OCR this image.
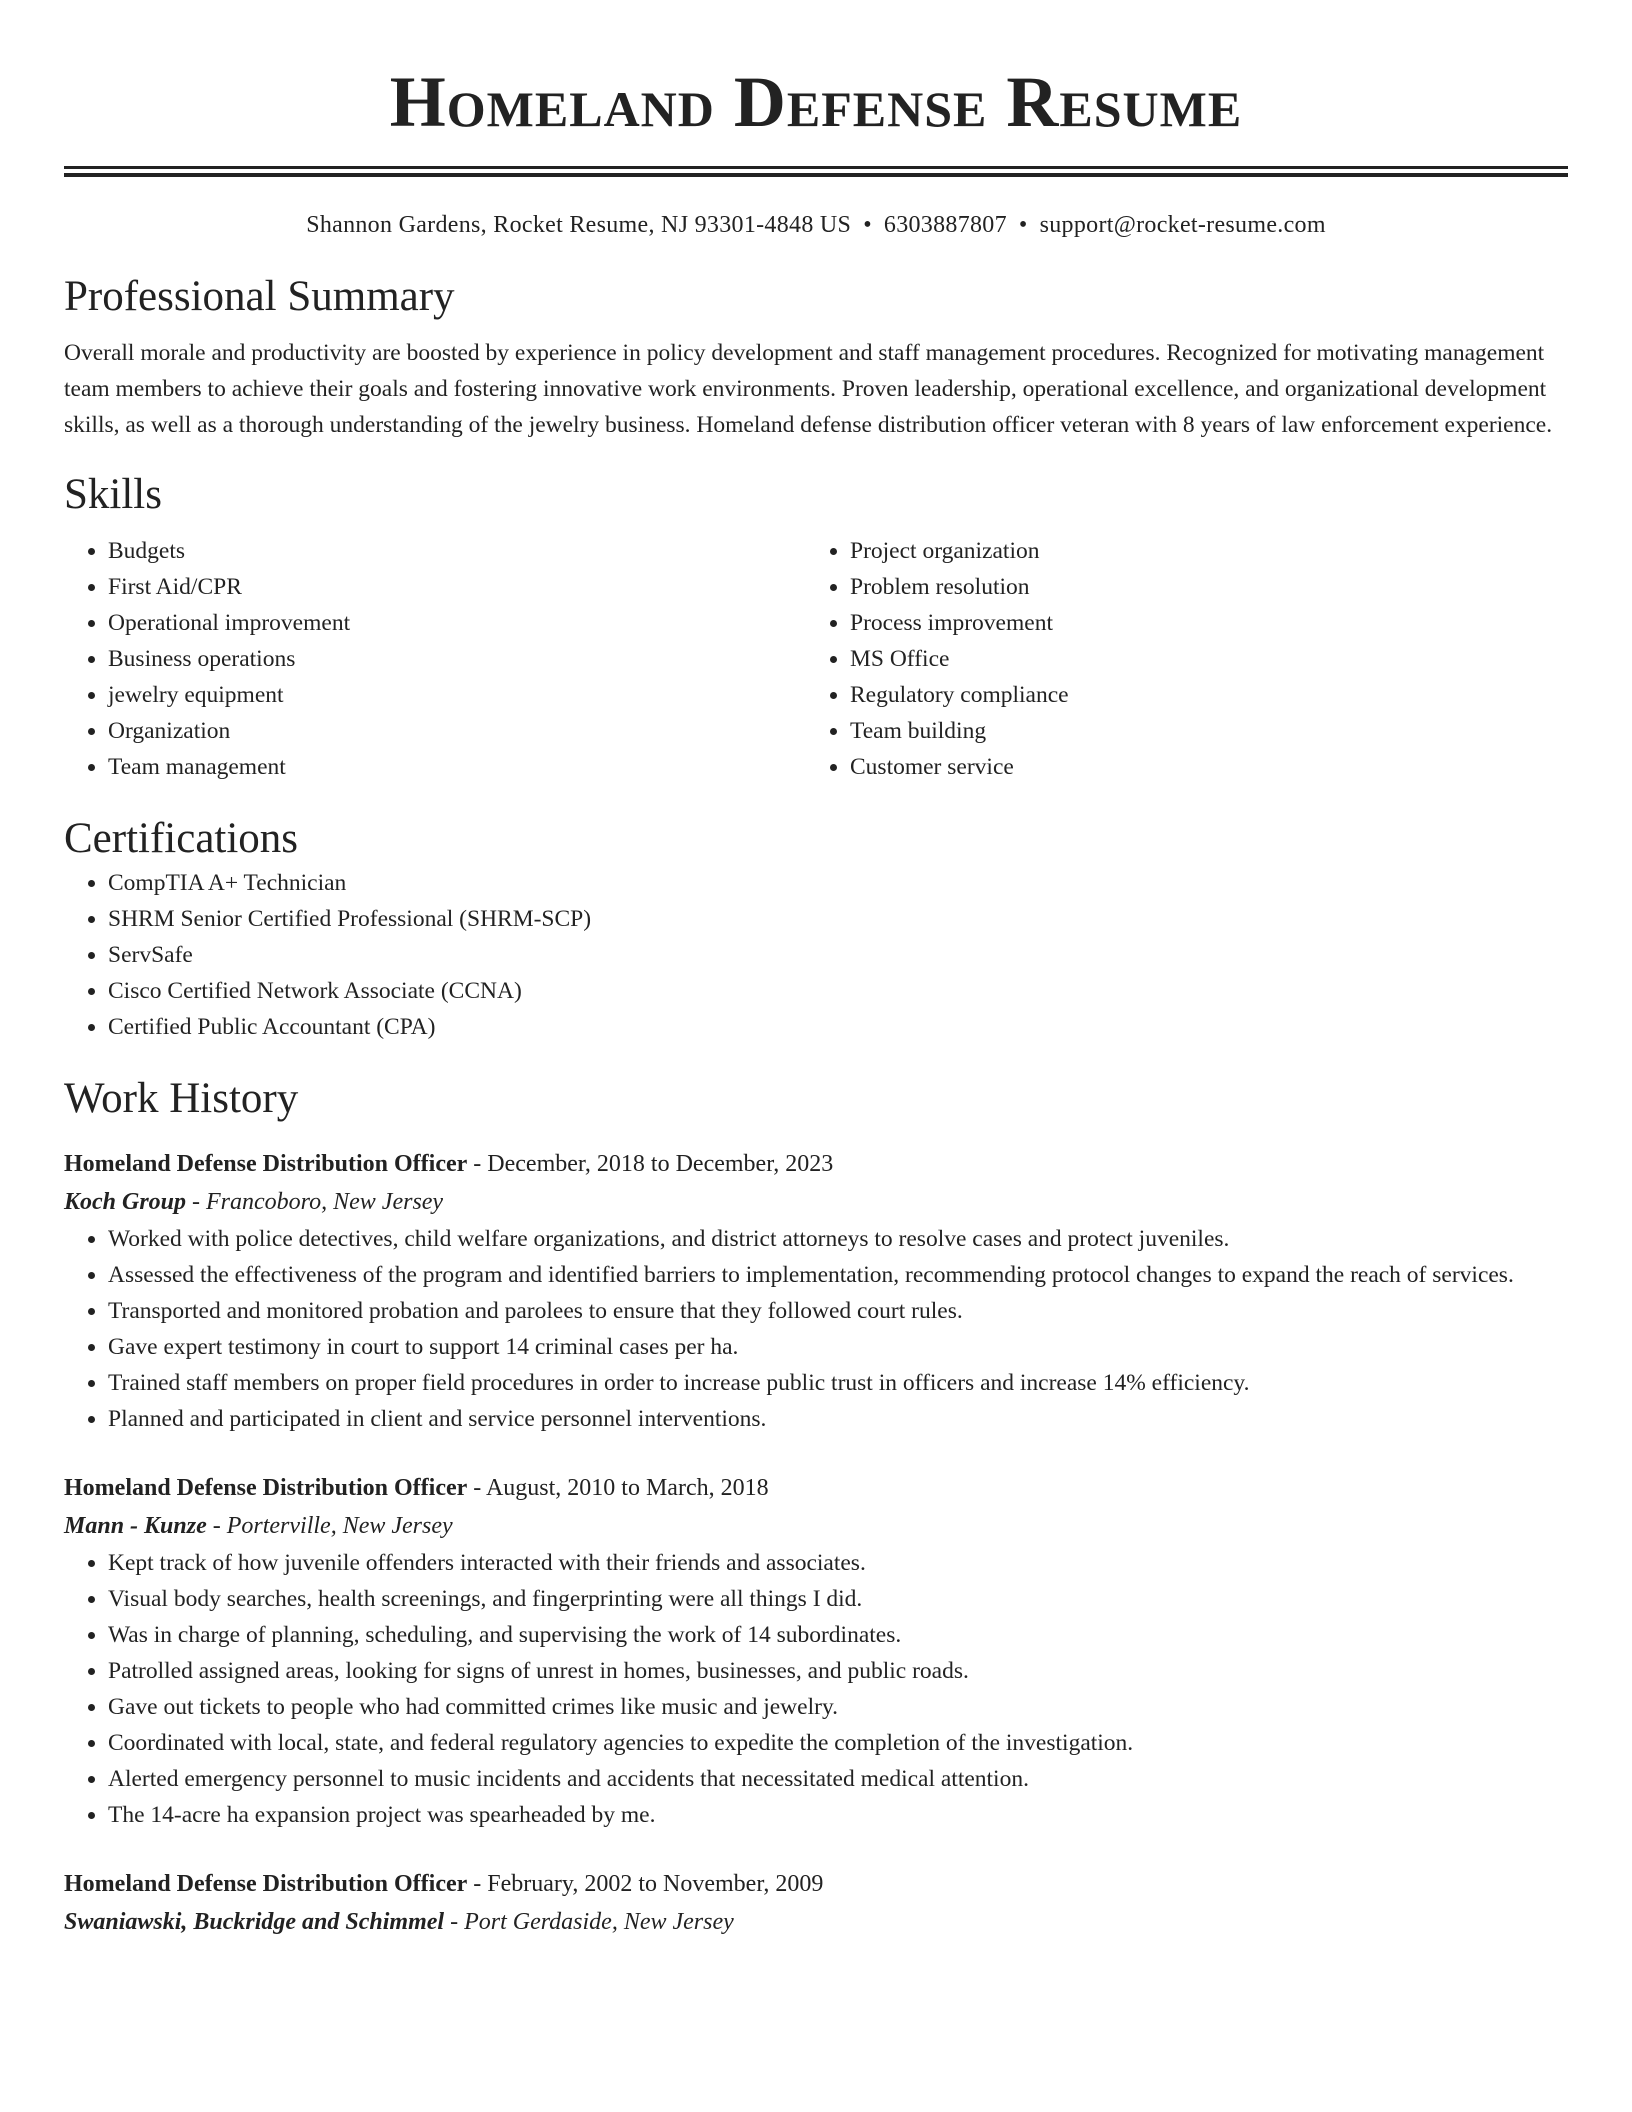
Homeland Defense Resume
Shannon Gardens, Rocket Resume, NJ 93301-4848 US • 6303887807 • support@rocket-resume.com
Professional Summary
Overall morale and productivity are boosted by experience in policy development and staff management procedures. Recognized for motivating management team members to achieve their goals and fostering innovative work environments. Proven leadership, operational excellence, and organizational development skills, as well as a thorough understanding of the jewelry business. Homeland defense distribution officer veteran with 8 years of law enforcement experience.
Skills
• Budgets
• First Aid/CPR
• Operational improvement
• Business operations
• jewelry equipment
• Organization
• Team management
• Project organization
• Problem resolution
• Process improvement
• MS Office
• Regulatory compliance
• Team building
• Customer service
Certifications
• CompTIA A+ Technician
• SHRM Senior Certified Professional (SHRM-SCP)
• ServSafe
• Cisco Certified Network Associate (CCNA)
• Certified Public Accountant (CPA)
Work History
Homeland Defense Distribution Officer - December, 2018 to December, 2023
Koch Group - Francoboro, New Jersey
• Worked with police detectives, child welfare organizations, and district attorneys to resolve cases and protect juveniles.
• Assessed the effectiveness of the program and identified barriers to implementation, recommending protocol changes to expand the reach of services.
• Transported and monitored probation and parolees to ensure that they followed court rules.
• Gave expert testimony in court to support 14 criminal cases per ha.
• Trained staff members on proper field procedures in order to increase public trust in officers and increase 14% efficiency.
• Planned and participated in client and service personnel interventions.
Homeland Defense Distribution Officer - August, 2010 to March, 2018
Mann - Kunze - Porterville, New Jersey
• Kept track of how juvenile offenders interacted with their friends and associates.
• Visual body searches, health screenings, and fingerprinting were all things I did.
• Was in charge of planning, scheduling, and supervising the work of 14 subordinates.
• Patrolled assigned areas, looking for signs of unrest in homes, businesses, and public roads.
• Gave out tickets to people who had committed crimes like music and jewelry.
• Coordinated with local, state, and federal regulatory agencies to expedite the completion of the investigation.
• Alerted emergency personnel to music incidents and accidents that necessitated medical attention.
• The 14-acre ha expansion project was spearheaded by me.
Homeland Defense Distribution Officer - February, 2002 to November, 2009
Swaniawski, Buckridge and Schimmel - Port Gerdaside, New Jersey
